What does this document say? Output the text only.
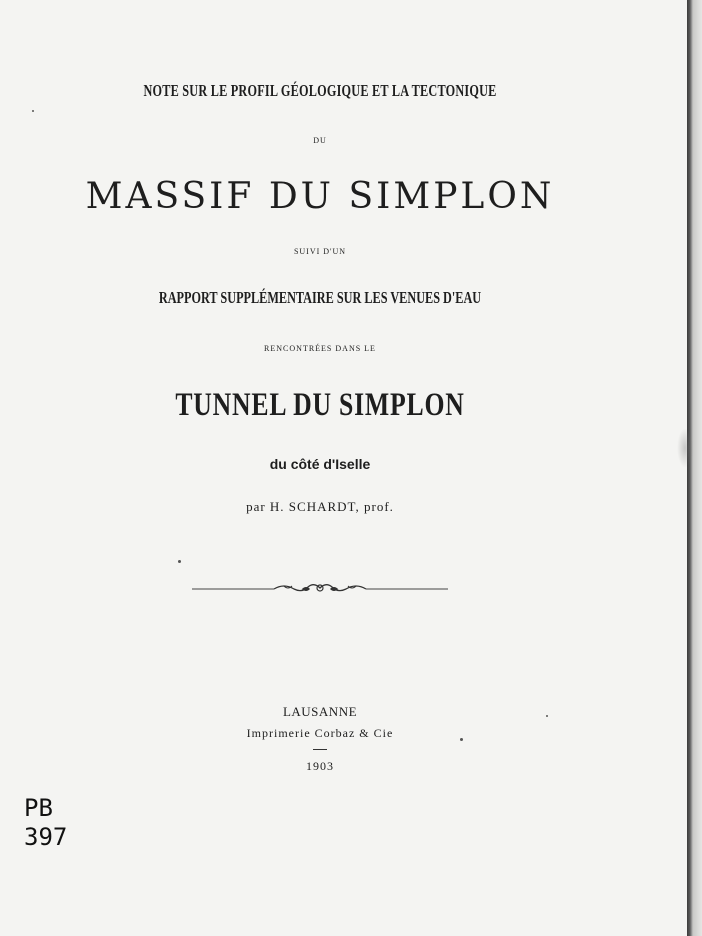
NOTE SUR LE PROFIL GÉOLOGIQUE ET LA TECTONIQUE
DU
MASSIF DU SIMPLON
SUIVI D'UN
RAPPORT SUPPLÉMENTAIRE SUR LES VENUES D'EAU
RENCONTRÉES DANS LE
TUNNEL DU SIMPLON
du côté d'Iselle
par H. SCHARDT, prof.
LAUSANNE
Imprimerie Corbaz & Cie
1903
PB
397
